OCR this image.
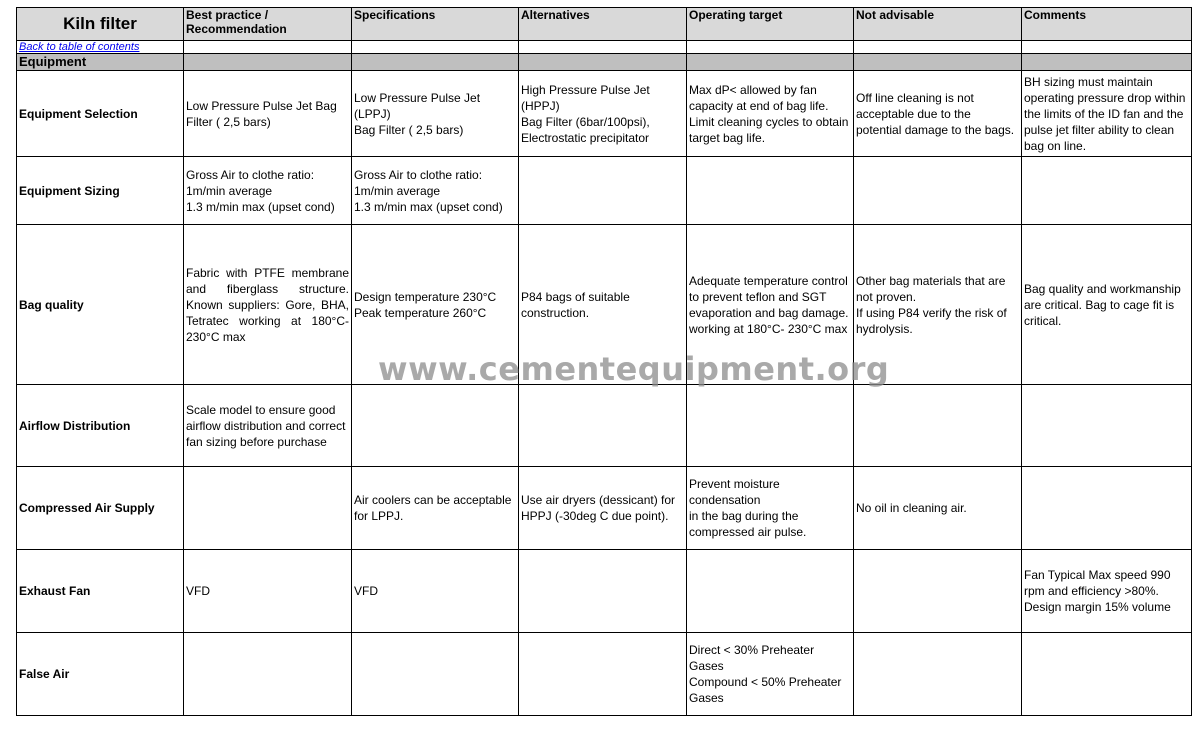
Kiln filter	Best practice /
Recommendation	Specifications	Alternatives	Operating target	Not advisable	Comments
Back to table of contents						
Equipment						
Equipment Selection	Low Pressure Pulse Jet Bag
Filter ( 2,5 bars)	Low Pressure Pulse Jet (LPPJ)
Bag Filter ( 2,5 bars)	High Pressure Pulse Jet (HPPJ)
Bag Filter (6bar/100psi),
Electrostatic precipitator	Max dP< allowed by fan
capacity at end of bag life.
Limit cleaning cycles to obtain
target bag life.	Off line cleaning is not
acceptable due to the
potential damage to the bags.	BH sizing must maintain
operating pressure drop within
the limits of the ID fan and the
pulse jet filter ability to clean
bag on line.
Equipment Sizing	Gross Air to clothe ratio:
1m/min average
1.3 m/min max (upset cond)	Gross Air to clothe ratio:
1m/min average
1.3 m/min max (upset cond)				
Bag quality	Fabric with PTFE membrane and fiberglass structure. Known suppliers: Gore, BHA, Tetratec working at 180°C- 230°C max	Design temperature 230°C
Peak temperature 260°C	P84 bags of suitable
construction.	Adequate temperature control
to prevent teflon and SGT
evaporation and bag damage.
working at 180°C- 230°C max	Other bag materials that are
not proven.
If using P84 verify the risk of
hydrolysis.	Bag quality and workmanship
are critical. Bag to cage fit is
critical.
Airflow Distribution	Scale model to ensure good
airflow distribution and correct
fan sizing before purchase					
Compressed Air Supply		Air coolers can be acceptable
for LPPJ.	Use air dryers (dessicant) for
HPPJ (-30deg C due point).	Prevent moisture condensation
in the bag during the
compressed air pulse.	No oil in cleaning air.	
Exhaust Fan	VFD	VFD				Fan Typical Max speed 990
rpm and efficiency >80%.
Design margin 15% volume
False Air				Direct < 30% Preheater Gases
Compound < 50% Preheater
Gases		
www.cementequipment.org
